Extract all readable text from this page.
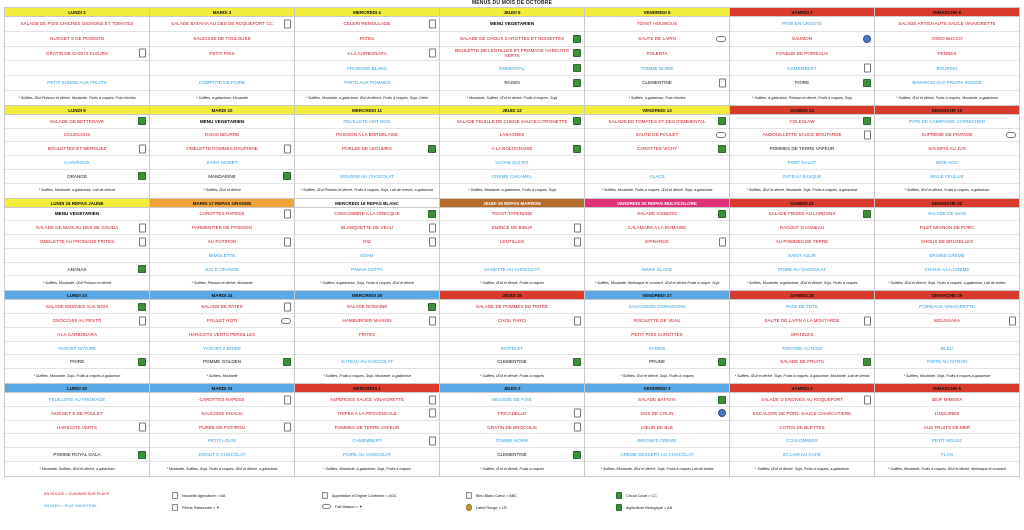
MENUS DU MOIS DE OCTOBRE
LUNDI 2
SALADE DE POIS CHICHES OIGNONS ET TOMATES
NUGGET S DE POISSON
GRATIN DE CHOUX FLEURS
PETIT SUISSE AUX FRUITS
* Sulfites, Œuf Poisson et dérivé, Moutarde, Fruits à coques, Pois chiches
MARDI 3
SALADE BATAVIA AU DES DE ROQUEFORT CC
SAUCISSE DE TOULOUSE
PETIT POIS
COMPOTE DE POIRE
* Sulfites, a-galactose, Moutarde
MERCREDI 4
CELERI REMOULADE
PATES
A LA CARBONARA
FROMAGE BLANC
TARTE AUX POMMES
* Sulfites, Moutarde, a-galactose, Œuf et dérivé, Fruits à coques, Soja, Celeri
JEUDI 5
MENU VEGETARIEN
SALADE DE CHOUX CAROTTES ET NOIXETTES
BOULETTE DE LENTILLES ET FROMAGE HARICOTS VERTS
EMMENTAL
RAISIN
* Moutarde, Sulfites, Œuf et dérivé, Fruits à coques, Soja
VENDREDI 6
TOAST HOUMOUS
SAUTE DE LAPIN
POLENTA
TOMME NOIRE
CLEMENTINE
* Sulfites, a-galactose, Pois chiches
SAMEDI 7
PATE EN CROUTE
SAUMON
FONDUE DE POIREAUX
CAMEMBERT
POIRE
* Sulfites, a-galactose, Poisson et dérivé, Fruits à coques, Soja
DIMANCHE 8
SALADE ARTICHAUTS SAUCE VINAIGRETTE
OSSO BUCCO
PENNES
BOURSIN
BAVAROIS AUX FRUITS ROUGE
* Sulfites, Œuf et dérivé, Fruits à coques, Moutarde, a-galactose
LUNDI 9
SALADE DE BETTERAVE
COUSCOUS
BOULETTES ET MERGUEZ
CHAVROUX
ORANGE
* Sulfites, Moutarde, a-galactose, Lait de chevre
MARDI 10
MENU VEGETARIEN
RADIS BEURRE
OMELETTE POMMES DAUPHINE
SAINT MORET
MANDARINE
* Sulfites, Œuf et dérivé
MERCREDI 11
FEUILLETE HOT DOG
POISSON A LA BORDELAISE
POELEE DE LEGUMES
MOUSSE AU CHOCOLAT
* Sulfites, Œuf Poisson et dérivé, Fruits à coques, Soja, Lait de chevre, a-galactose
JEUDI 12
SALADE FEUILLE DE CHENE SAUCE CITRONETTE
LASAGNES
A LA BOLOGNAISE
VACHE QUI RIT
CREME CARAMEL
* Sulfites, Moutarde, a-galactose, Fruits à coques, Soja
VENDREDI 13
SALADE DE TOMATES ET DES D'EMMENTAL
SAUTE DE POULET
CAROTTES VICHY
GLACE
* Sulfites, Moutarde, Fruits à coques, Œuf et dérivé, Soja, a-galactose
SAMEDI 14
COLESLAW
ANDOUILLETTE SAUCE MOUTARDE
POMMES DE TERRE VAPEUR
PORT SALUT
GATEAU BASQUE
* Sulfites, Œuf et dérivé, Moutarde, Soja, Fruits à coques, a-galactose
DIMANCHE 15
PATE DE CAMPAGNE CORNICHON
SUPREME DE PINTADE
SALSIFIS AU JUS
BRIE AOC
MILLE FEUILLE
* Sulfites, Œuf et dérivé, Fruits à coques, a-galactose
LUNDI 16 REPAS JAUNE
MENU VEGETARIEN
SALADE DE MAIS AU DES DE GOUDA
OMELETTE AU FROMAGE FRITES
ANANAS
* Sulfites, Moutarde, Œuf Poisson et dérivé
MARDI 17 REPAS ORANGE
CAROTTES RAPEES
PARMENTIER DE POISSON
AU POTIRON
MIMOLETTE
JUS D ORANGE
* Sulfites, Poisson et dérivé, Moutarde
MERCREDI 18 REPAS BLANC
CONCOMBRE A LA GRECQUE
BLANQUETTE DE VEAU
RIZ
EDAM
PANNA COTTA
* Sulfites, a-galactose, Soja, Fruits à coques, Œuf et dérivé
JEUDI 19 REPAS MARRON
TOAST TAPENADE
EMINCE DE BŒUF
LENTILLES
DANETTE AU CHOCOLAT
* Sulfites, Œuf et dérivé, Fruits à coques
VENDREDI 20 REPAS MULTICOLORE
SALADE ICEBERG
CALAMARS A LA ROMAINE
EPINARDS
MARS GLACE
* Sulfites, Moutarde, Mollusque et crustacé, Œuf et dérivé,Fruits à coque, Soja
SAMEDI 21
SALADE FRISEE AU LARDONS
RAGOUT D AGNEAU
AU POMMES DE TERRE
SAINT AGUR
POIRE AU CHOCOLAT
* Sulfites, Moutarde, a-galactose, Œuf et dérivé, Soja, Fruits à coques
DIMANCHE 22
SALADE DE MAIS
FILET MIGNON DE PORC
CHOUX DE BRUXELLES
BROBIS CREME
CHOUX A LA CREME
* Sulfites, Œuf et dérivé, Soja, Fruits à coques, a-galactose, Lait de brebis
LUNDI 23
SALADE ENDIVES AUX NOIX
GNOCCHIS AU PESTO
A LA CARBONARA
YAOURT NATURE
POIRE
* Sulfites, Moutarde, Soja, Fruits à coques,a-galactose
MARDI 24
SALADE DE PATES
POULET ROTI
HARICOTS VERTS PERSILLES
YAOURT A BOIRE
POMME GOLDEN
* Sulfites, Moutarde
MERCREDI 25
SALADE ROMAINE
HAMBURGER MAISON
FRITES
GATEAU AU CHOCOLAT
* Sulfites, Fruits à coques, Soja, Moutarde, a-galactose
JEUDI 26
SALADE DE POMMES DE TERRE
CHOU FARCI
ROITELET
CLEMENTINE
* Sulfites, Œuf et dérivé, Fruits à coques
VENDREDI 27
SAUCISSON CORNICHON
RISOLETTE DE VEAU
PETIT POIS CAROTTES
SAMOS
PRUNE
* Sulfites, Œuf et dérivé, Soja, Fruits à coques
SAMEDI 28
PATE DE TETE
SAUTE DE LAPIN A LA MOUTARDE
SPATZLES
TARTARE AU NOIX
SALADE DE FRUITS
* Sulfites, Œuf et dérivé, Soja, Fruits à coques, a-galactose, Moutarde, Lait de brebis
DIMANCHE 29
POIREAUX VINAIGRETTE
MOUSSAKA
BLEU
TARTE AU CITRON
* Sulfites, Moutarde, Soja, Fruits à coques,a-galactose
LUNDI 30
FEUILLETE AU FROMAGE
NUGGET S DE POULET
HARICOTS VERTS
POMME ROYAL GALA
* Moutarde, Sulfites, Œuf et dérivé, a-galactose
MARDI 31
CAROTTES RAPEES
SAUCISSE KNACKI
PUREE DE POTIRON
PETIT LOUIS
DONUT S CHOCOLAT
* Moutarde, Sulfites, Soja, Fruits à coques, Œuf et dérivé, a-galactose
MERCREDI 1
ASPERGES SAUCE VINAIGRETTE
TRIPES A LA PROVENCALE
POMMES DE TERRE VAPEUR
CAMEMBERT
POIRE AU CHOCOLAT
* Sulfites, Moutarde, a-galactose, Soja, Fruits à coques
JEUDI 2
MOUSSE DE FOIE
FRICADELLE
GRATIN DE BROCOLIS
TOMME NOIRE
CLEMENTINE
* Sulfites, Œuf et dérivé, Fruits à coques
VENDREDI 3
SALADE BATAVIA
DOS DE COLIN
CŒUR DE BLE
BRIGNES CREME
CREME DESSERT AU CHOCOLAT
* Sulfites, Moutarde, Œuf et dérivé, Soja, Fruits à coques,Lait de brebis
SAMEDI 4
SALADE D ENDIVES AU ROQUEFORT
ESCALOPE DE PORC SAUCE CHARCUTIERE
COTES DE BLETTES
COULOMMIER
ECLAIR AU CAFE
* Sulfites, Œuf et dérivé, Soja, Fruits à coques, a-galactose
DIMANCHE 5
ŒUF MIMOSA
LINGUINES
AUX FRUITS DE MER
PETIT MOULE
FLAN
* Sulfites, Moutarde, Fruits à coques, Œuf et dérivé, Mollusque et crustacé
EN ROUGE = CUISINER SUR PLACE
EN BLEU = PLAT INDUSTRIEL
Nouvelle Agriculture = NA
Pêche Raisonnée = ✶
Appellation d'Origine Contrôlée = AOC
Fait Maison = ✦
Bleu Blanc Cœur = BBC
Label Rouge = LR
Circuit Court = CC
Agriculture Biologique = AB
